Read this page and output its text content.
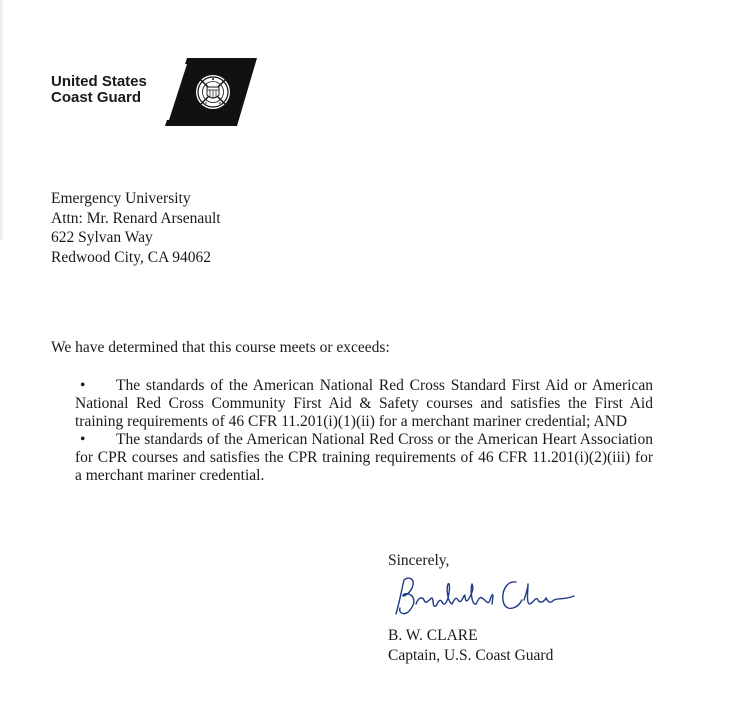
United States
Coast Guard
Emergency University
Attn: Mr. Renard Arsenault
622 Sylvan Way
Redwood City, CA 94062
We have determined that this course meets or exceeds:
•	The standards of the American National Red Cross Standard First Aid or American National Red Cross Community First Aid & Safety courses and satisfies the First Aid training requirements of 46 CFR 11.201(i)(1)(ii) for a merchant mariner credential; AND
•	The standards of the American National Red Cross or the American Heart Association for CPR courses and satisfies the CPR training requirements of 46 CFR 11.201(i)(2)(iii) for a merchant mariner credential.
Sincerely,
B. W. CLARE
Captain, U.S. Coast Guard
